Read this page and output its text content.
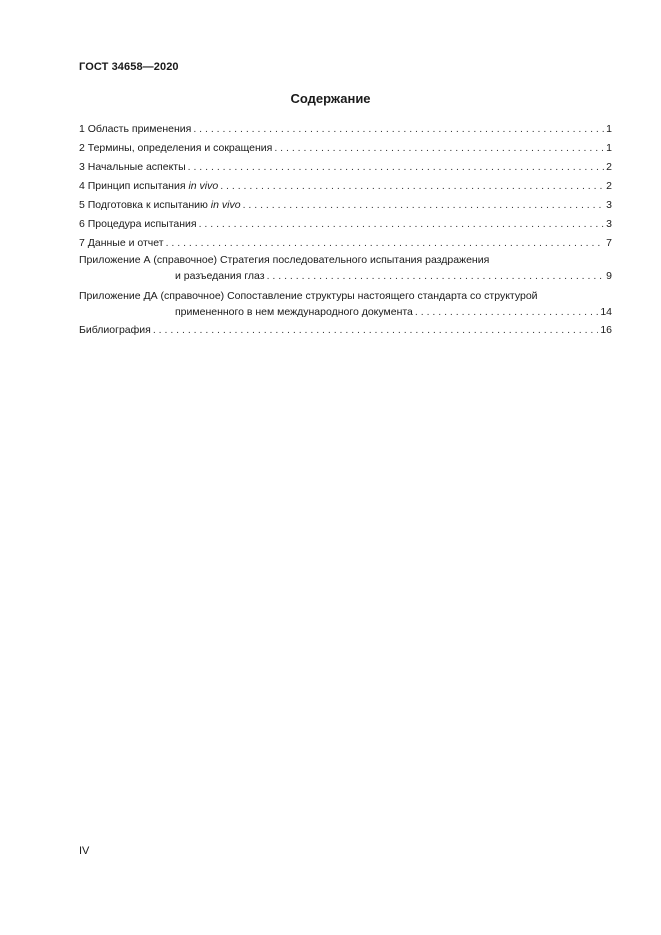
ГОСТ 34658—2020
Содержание
1 Область применения . . .	1
2 Термины, определения и сокращения . . .	1
3 Начальные аспекты . . .	2
4 Принцип испытания in vivo . . .	2
5 Подготовка к испытанию in vivo . . .	3
6 Процедура испытания . . .	3
7 Данные и отчет . . .	7
Приложение А (справочное) Стратегия последовательного испытания раздражения
и разъедания глаз . . .	9
Приложение ДА (справочное) Сопоставление структуры настоящего стандарта со структурой
примененного в нем международного документа . . .	14
Библиография . . .	16
IV
